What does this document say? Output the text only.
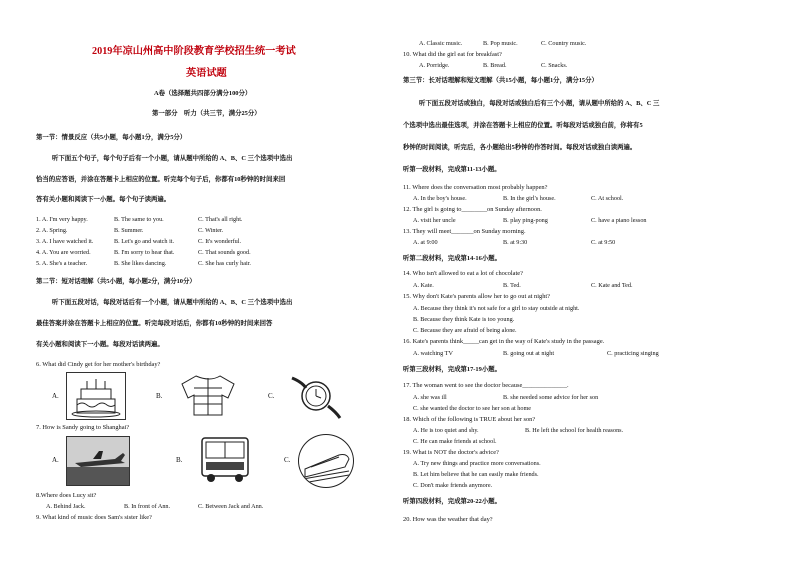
2019年凉山州高中阶段教育学校招生统一考试
英语试题
A卷（选择题共四部分满分100分）
第一部分　听力（共三节，满分25分）
第一节：情景反应（共5小题，每小题1分，满分5分）
听下面五个句子，每个句子后有一个小题，请从题中所给的 A、B、C 三个选项中选出
恰当的应答语，并涂在答题卡上相应的位置。听完每个句子后，你都有10秒钟的时间来回
答有关小题和阅读下一小题。每个句子读两遍。
1. A. I'm very happy.	B. The same to you.	C. That's all right.
2. A. Spring.	B. Summer.	C. Winter.
3. A. I have watched it.	B. Let's go and watch it.	C. It's wonderful.
4. A. You are worried.	B. I'm sorry to hear that.	C. That sounds good.
5. A. She's a teacher.	B. She likes dancing.	C. She has curly hair.
第二节：短对话理解（共5小题，每小题2分，满分10分）
听下面五段对话，每段对话后有一个小题，请从题中所给的 A、B、C 三个选项中选出
最佳答案并涂在答题卡上相应的位置。听完每段对话后，你都有10秒钟的时间来回答
有关小题和阅读下一小题。每段对话读两遍。
6. What did Cindy get for her mother's birthday?
A.	B.	C.
7. How is Sandy going to Shanghai?
A.	B.	C.
8.Where does Lucy sit?
A. Behind Jack.	B. In front of Ann.	C. Between Jack and Ann.
9. What kind of music does Sam's sister like?
A. Classic music.	B. Pop music.	C. Country music.
10. What did the girl eat for breakfast?
A. Porridge.	B. Bread.	C. Snacks.
第三节：长对话理解和短文理解（共15小题，每小题1分，满分15分）
听下面五段对话或独白，每段对话或独白后有三个小题，请从题中所给的 A、B、C 三
个选项中选出最佳选项，并涂在答题卡上相应的位置。听每段对话或独白前，你将有5
秒钟的时间阅读，听完后，各小题给出5秒钟的作答时间。每段对话或独白读两遍。
听第一段材料，完成第11-13小题。
11. Where does the conversation most probably happen?
A. In the boy's house.	B. In the girl's house.	C. At school.
12. The girl is going to________on Sunday afternoon.
A. visit her uncle	B. play ping-pong	C. have a piano lesson
13. They will meet_______on Sunday morning.
A. at 9:00	B. at 9:30	C. at 9:50
听第二段材料，完成第14-16小题。
14. Who isn't allowed to eat a lot of chocolate?
A. Kate.	B. Ted.	C. Kate and Ted.
15. Why don't Kate's parents allow her to go out at night?
A. Because they think it's not safe for a girl to stay outside at night.
B. Because they think Kate is too young.
C. Because they are afraid of being alone.
16. Kate's parents think_____can get in the way of Kate's study in the passage.
A. watching TV	B. going out at night	C. practicing singing
听第三段材料，完成第17-19小题。
17. The woman went to see the doctor because______________.
A. she was ill	B. she needed some advice for her son
C. she wanted the doctor to see her son at home
18. Which of the following is TRUE about her son?
A. He is too quiet and shy.	B. He left the school for health reasons.
C. He can make friends at school.
19. What is NOT the doctor's advice?
A. Try new things and practice more conversations.
B. Let him believe that he can easily make friends.
C. Don't make friends anymore.
听第四段材料，完成第20-22小题。
20. How was the weather that day?
